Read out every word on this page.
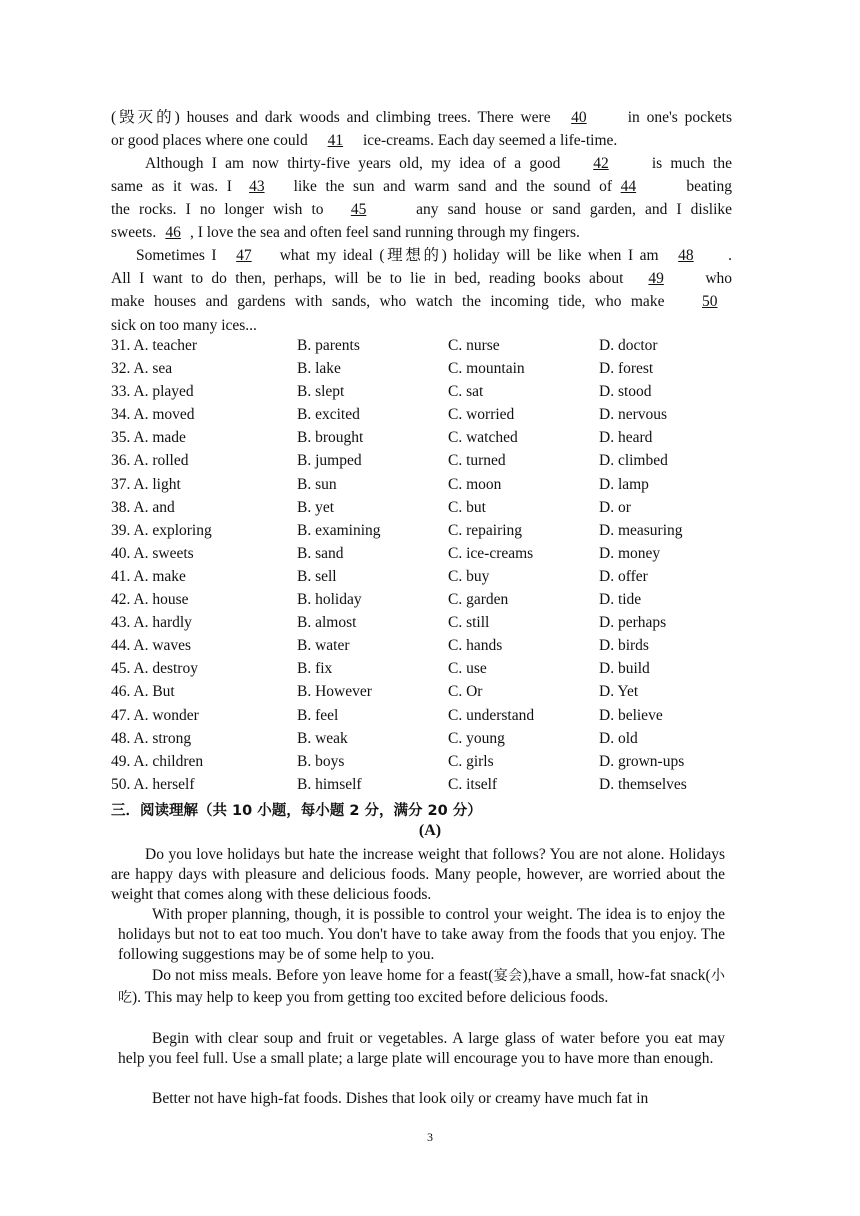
(毁灭的) houses and dark woods and climbing trees. There were 40	in one's pockets
or good places where one could 41 ice-creams. Each day seemed a life-time.
Although I am now thirty-five years old, my idea of a good 42	is much the
same as it was. I 43 like the sun and warm sand and the sound of 44	beating
the rocks. I no longer wish to 45	any sand house or sand garden, and I dislike
sweets. 46 , I love the sea and often feel sand running through my fingers.
Sometimes I 47 what my ideal (理想的) holiday will be like when I am 48 .
All I want to do then, perhaps, will be to lie in bed, reading books about 49	who
make houses and gardens with sands, who watch the incoming tide, who make 50
sick on too many ices...
31. A. teacher	B. parents	C. nurse	D. doctor
32. A. sea	B. lake	C. mountain	D. forest
33. A. played	B. slept	C. sat	D. stood
34. A. moved	B. excited	C. worried	D. nervous
35. A. made	B. brought	C. watched	D. heard
36. A. rolled	B. jumped	C. turned	D. climbed
37. A. light	B. sun	C. moon	D. lamp
38. A. and	B. yet	C. but	D. or
39. A. exploring	B. examining	C. repairing	D. measuring
40. A. sweets	B. sand	C. ice-creams	D. money
41. A. make	B. sell	C. buy	D. offer
42. A. house	B. holiday	C. garden	D. tide
43. A. hardly	B. almost	C. still	D. perhaps
44. A. waves	B. water	C. hands	D. birds
45. A. destroy	B. fix	C. use	D. build
46. A. But	B. However	C. Or	D. Yet
47. A. wonder	B. feel	C. understand	D. believe
48. A. strong	B. weak	C. young	D. old
49. A. children	B. boys	C. girls	D. grown-ups
50. A. herself	B. himself	C. itself	D. themselves
三．阅读理解（共 10 小题，每小题 2 分，满分 20 分）
(A)
Do you love holidays but hate the increase weight that follows? You are not alone. Holidays are happy days with pleasure and delicious foods. Many people, however, are worried about the weight that comes along with these delicious foods.
With proper planning, though, it is possible to control your weight. The idea is to enjoy the holidays but not to eat too much. You don't have to take away from the foods that you enjoy. The following suggestions may be of some help to you.
Do not miss meals. Before yon leave home for a feast(宴会),have a small, how-fat snack(小吃). This may help to keep you from getting too excited before delicious foods.
Begin with clear soup and fruit or vegetables. A large glass of water before you eat may help you feel full. Use a small plate; a large plate will encourage you to have more than enough.
Better not have high-fat foods. Dishes that look oily or creamy have much fat in
3
